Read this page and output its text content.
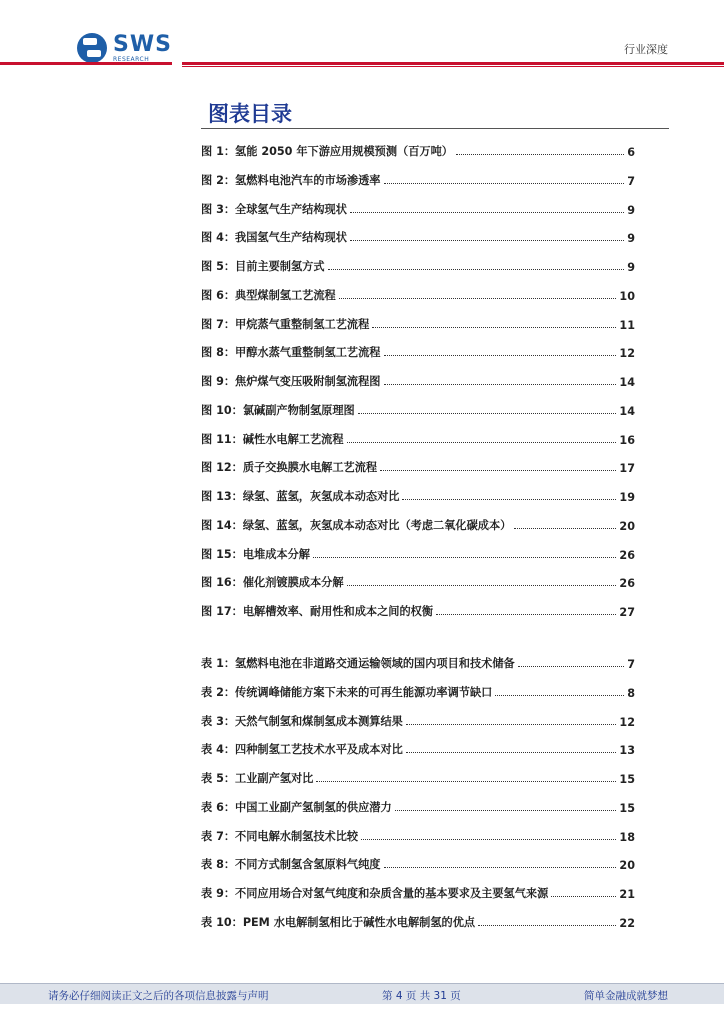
SWS
RESEARCH
行业深度
图表目录
图 1：氢能 2050 年下游应用规模预测（百万吨）	6
图 2：氢燃料电池汽车的市场渗透率	7
图 3：全球氢气生产结构现状	9
图 4：我国氢气生产结构现状	9
图 5：目前主要制氢方式	9
图 6：典型煤制氢工艺流程	10
图 7：甲烷蒸气重整制氢工艺流程	11
图 8：甲醇水蒸气重整制氢工艺流程	12
图 9：焦炉煤气变压吸附制氢流程图	14
图 10：氯碱副产物制氢原理图	14
图 11：碱性水电解工艺流程	16
图 12：质子交换膜水电解工艺流程	17
图 13：绿氢、蓝氢，灰氢成本动态对比	19
图 14：绿氢、蓝氢，灰氢成本动态对比（考虑二氧化碳成本）	20
图 15：电堆成本分解	26
图 16：催化剂镀膜成本分解	26
图 17：电解槽效率、耐用性和成本之间的权衡	27
表 1：氢燃料电池在非道路交通运输领域的国内项目和技术储备	7
表 2：传统调峰储能方案下未来的可再生能源功率调节缺口	8
表 3：天然气制氢和煤制氢成本测算结果	12
表 4：四种制氢工艺技术水平及成本对比	13
表 5：工业副产氢对比	15
表 6：中国工业副产氢制氢的供应潜力	15
表 7：不同电解水制氢技术比较	18
表 8：不同方式制氢含氢原料气纯度	20
表 9：不同应用场合对氢气纯度和杂质含量的基本要求及主要氢气来源	21
表 10：PEM 水电解制氢相比于碱性水电解制氢的优点	22
请务必仔细阅读正文之后的各项信息披露与声明	第 4 页 共 31 页	简单金融成就梦想
